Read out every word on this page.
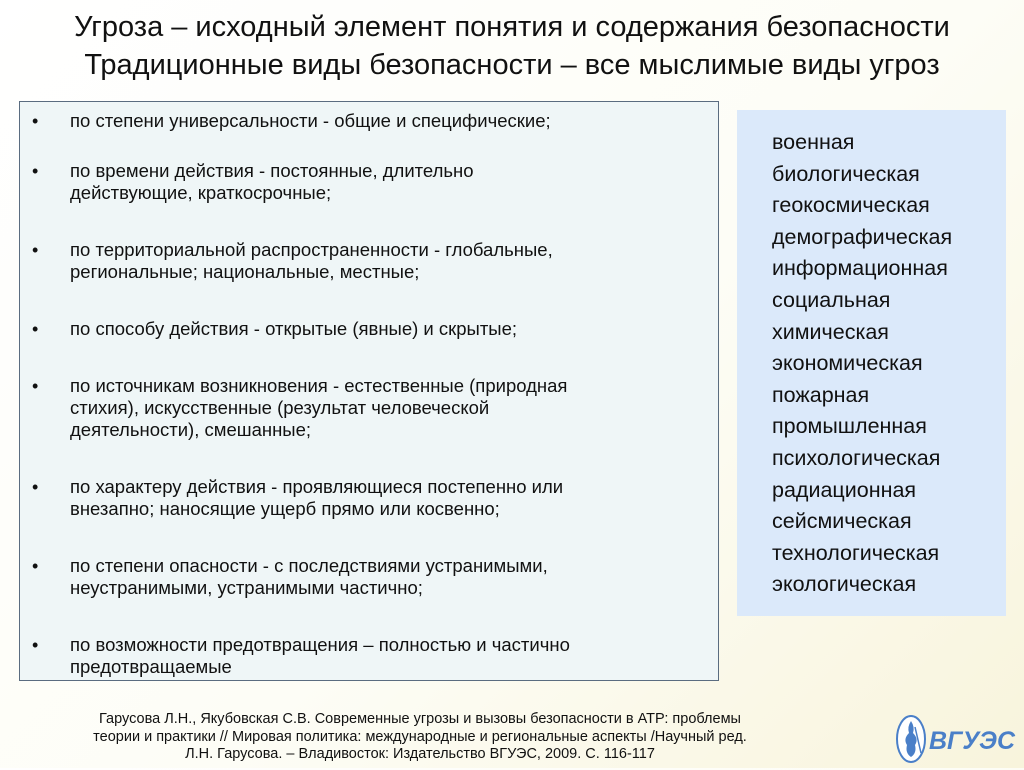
Угроза – исходный элемент понятия и содержания безопасности
Традиционные виды безопасности – все мыслимые виды угроз
• по степени универсальности - общие и специфические;
• по времени действия - постоянные, длительно
действующие, краткосрочные;
• по территориальной распространенности - глобальные,
региональные; национальные, местные;
• по способу действия - открытые (явные) и скрытые;
• по источникам возникновения - естественные (природная
стихия), искусственные (результат человеческой
деятельности), смешанные;
• по характеру действия - проявляющиеся постепенно или
внезапно; наносящие ущерб прямо или косвенно;
• по степени опасности - с последствиями устранимыми,
неустранимыми, устранимыми частично;
• по возможности предотвращения – полностью и частично
предотвращаемые
военная
биологическая
геокосмическая
демографическая
информационная
социальная
химическая
экономическая
пожарная
промышленная
психологическая
радиационная
сейсмическая
технологическая
экологическая
Гарусова Л.Н., Якубовская С.В. Современные угрозы и вызовы безопасности в АТР: проблемы
теории и практики // Мировая политика: международные и региональные аспекты /Научный ред.
Л.Н. Гарусова. – Владивосток: Издательство ВГУЭС, 2009. С. 116-117	ВГУЭС
